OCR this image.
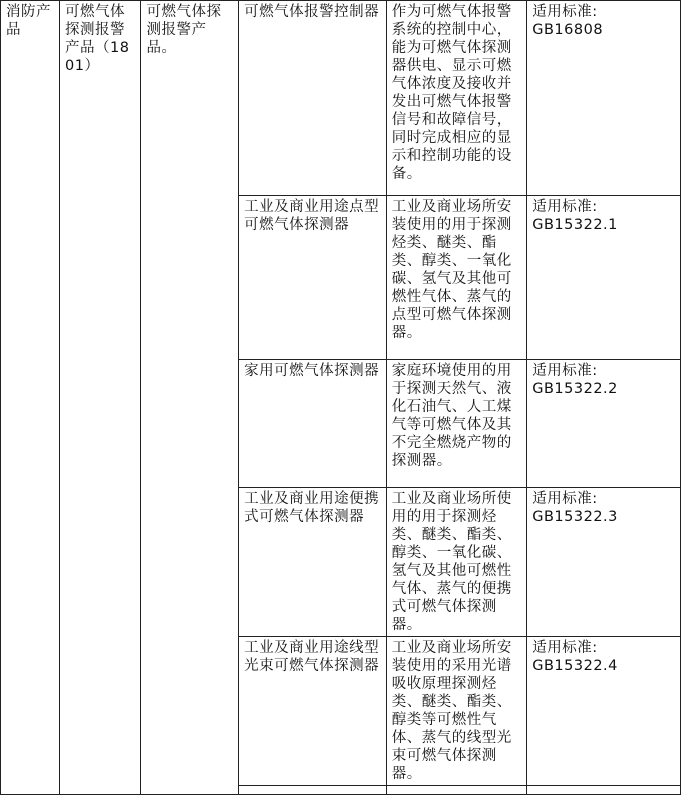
消防产品	可燃气体探测报警产品（1801）	可燃气体探测报警产品。	可燃气体报警控制器	作为可燃气体报警系统的控制中心，能为可燃气体探测器供电、显示可燃气体浓度及接收并发出可燃气体报警信号和故障信号，同时完成相应的显示和控制功能的设备。	适用标准:
GB16808

			工业及商业用途点型可燃气体探测器	工业及商业场所安装使用的用于探测烃类、醚类、酯类、醇类、一氧化碳、氢气及其他可燃性气体、蒸气的点型可燃气体探测器。	适用标准:
GB15322.1

			家用可燃气体探测器	家庭环境使用的用于探测天然气、液化石油气、人工煤气等可燃气体及其不完全燃烧产物的探测器。	适用标准:
GB15322.2

			工业及商业用途便携式可燃气体探测器	工业及商业场所使用的用于探测烃类、醚类、酯类、醇类、一氧化碳、氢气及其他可燃性气体、蒸气的便携式可燃气体探测器。	适用标准:
GB15322.3

			工业及商业用途线型光束可燃气体探测器	工业及商业场所安装使用的采用光谱吸收原理探测烃类、醚类、酯类、醇类等可燃性气体、蒸气的线型光束可燃气体探测器。	适用标准:
GB15322.4
